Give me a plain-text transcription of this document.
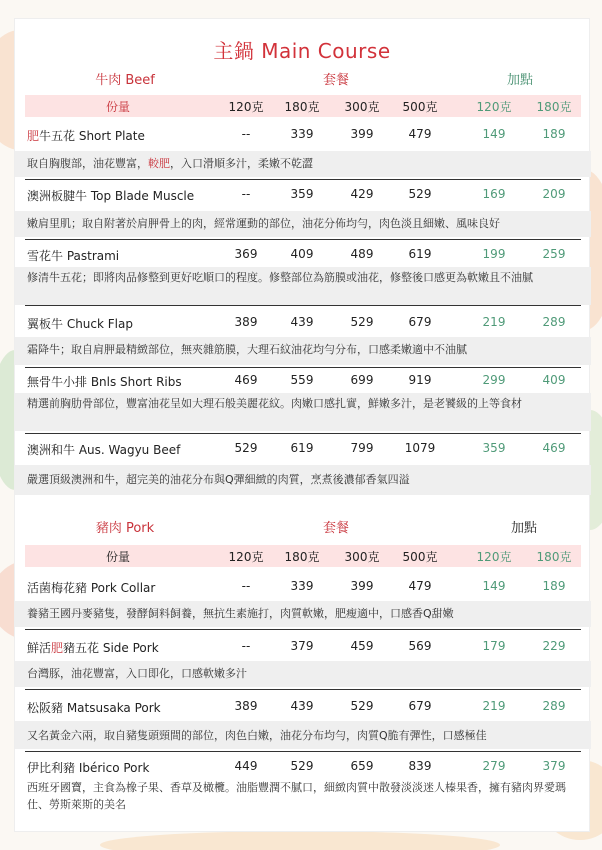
主鍋 Main Course
牛肉 Beef	套餐	加點
份量	120克	180克	300克	500克	120克	180克
肥牛五花 Short Plate	--	339	399	479	149	189
取自胸腹部，油花豐富，較肥，入口滑順多汁，柔嫩不乾澀
澳洲板腱牛 Top Blade Muscle	--	359	429	529	169	209
嫩肩里肌；取自附著於肩胛骨上的肉，經常運動的部位，油花分佈均勻，肉色淡且細嫩、風味良好
雪花牛 Pastrami	369	409	489	619	199	259
修清牛五花；即將肉品修整到更好吃順口的程度。修整部位為筋膜或油花，修整後口感更為軟嫩且不油膩
翼板牛 Chuck Flap	389	439	529	679	219	289
霜降牛；取自肩胛最精緻部位，無夾雜筋膜，大理石紋油花均勻分布，口感柔嫩適中不油膩
無骨牛小排 Bnls Short Ribs	469	559	699	919	299	409
精選前胸肋骨部位，豐富油花呈如大理石般美麗花紋。肉嫩口感扎實，鮮嫩多汁，是老饕級的上等食材
澳洲和牛 Aus. Wagyu Beef	529	619	799	1079	359	469
嚴選頂級澳洲和牛，超完美的油花分布與Q彈細緻的肉質，烹煮後濃郁香氣四溢
豬肉 Pork	套餐	加點
份量	120克	180克	300克	500克	120克	180克
活菌梅花豬 Pork Collar	--	339	399	479	149	189
養豬王國丹麥豬隻，發酵飼料飼養，無抗生素施打，肉質軟嫩，肥瘦適中，口感香Q甜嫩
鮮活肥豬五花 Side Pork	--	379	459	569	179	229
台灣豚，油花豐富，入口即化，口感軟嫩多汁
松阪豬 Matsusaka Pork	389	439	529	679	219	289
又名黃金六兩，取自豬隻頭頸間的部位，肉色白嫩，油花分布均勻，肉質Q脆有彈性，口感極佳
伊比利豬 Ibérico Pork	449	529	659	839	279	379
西班牙國寶，主食為橡子果、香草及橄欖。油脂豐潤不膩口，細緻肉質中散發淡淡迷人榛果香，擁有豬肉界愛瑪仕、勞斯萊斯的美名
